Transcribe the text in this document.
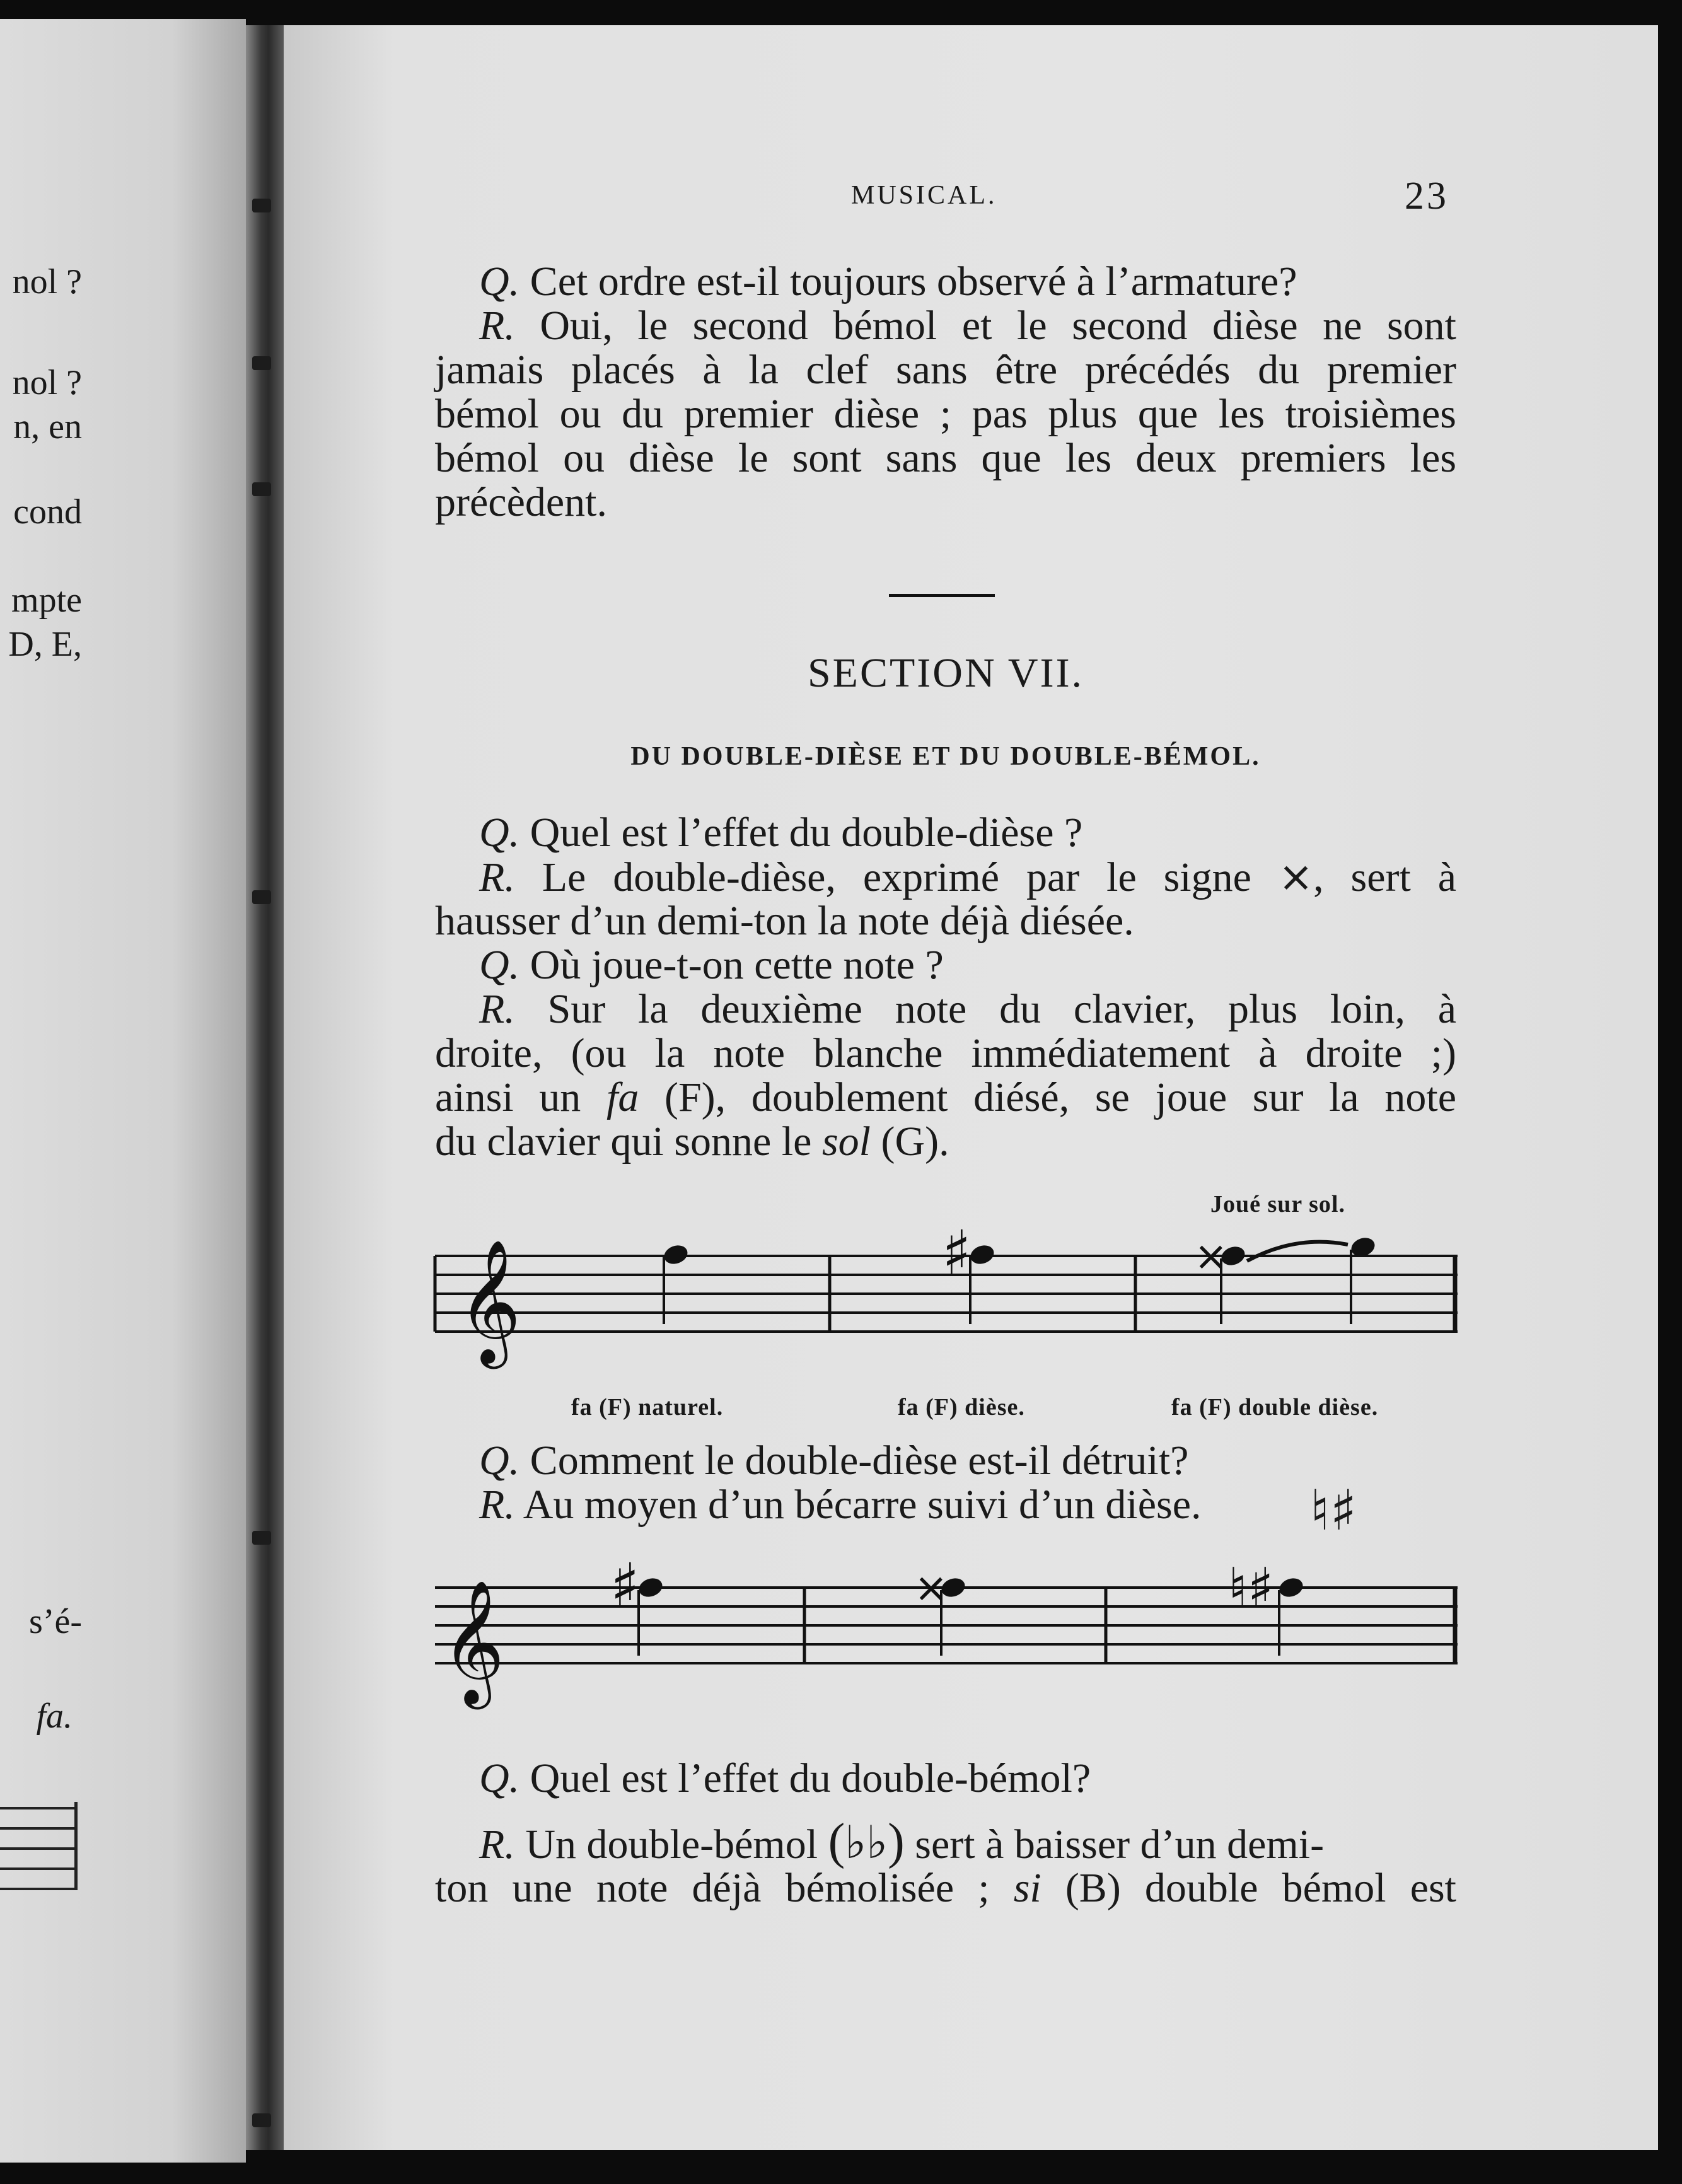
nol ?
nol ?
n, en
cond
mpte
D, E,
s’é-
fa.
MUSICAL.	23
Q. Cet ordre est-il toujours observé à l’armature?
R. Oui, le second bémol et le second dièse ne sont
jamais placés à la clef sans être précédés du premier
bémol ou du premier dièse ; pas plus que les troisièmes
bémol ou dièse le sont sans que les deux premiers les
précèdent.
SECTION VII.
DU DOUBLE-DIÈSE ET DU DOUBLE-BÉMOL.
Q. Quel est l’effet du double-dièse ?
R. Le double-dièse, exprimé par le signe ×, sert à
hausser d’un demi-ton la note déjà diésée.
Q. Où joue-t-on cette note ?
R. Sur la deuxième note du clavier, plus loin, à
droite, (ou la note blanche immédiatement à droite ;)
ainsi un fa (F), doublement diésé, se joue sur la note
du clavier qui sonne le sol (G).
Joué sur sol.
𝄞	♯	×
fa (F) naturel.	fa (F) dièse.	fa (F) double dièse.
Q. Comment le double-dièse est-il détruit?
R. Au moyen d’un bécarre suivi d’un dièse.	♮♯
𝄞 ♯	×	♮♯
Q. Quel est l’effet du double-bémol?
R. Un double-bémol (♭♭) sert à baisser d’un demi-
ton une note déjà bémolisée ; si (B) double bémol est
